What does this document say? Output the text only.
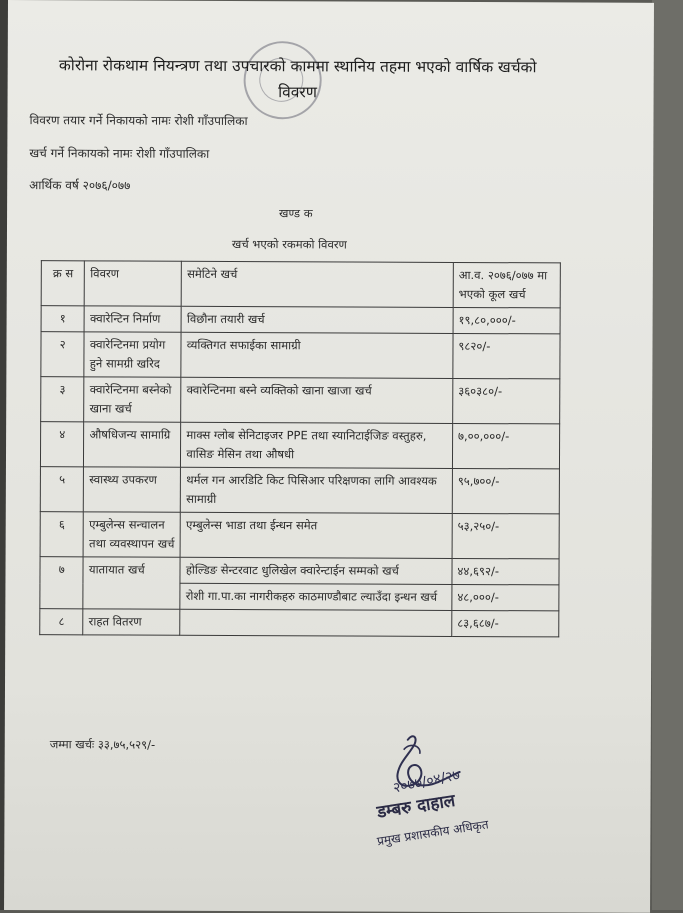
कोरोना रोकथाम नियन्त्रण तथा उपचारको काममा स्थानिय तहमा भएको वार्षिक खर्चको विवरण
विवरण तयार गर्ने निकायको नामः रोशी गाँउपालिका
खर्च गर्ने निकायको नामः रोशी गाँउपालिका
आर्थिक वर्ष २०७६/०७७
खण्ड क
खर्च भएको रकमको विवरण
क्र स	विवरण	समेटिने खर्च	आ.व. २०७६/०७७ मा भएको कूल खर्च
१	क्वारेन्टिन निर्माण	विछौना तयारी खर्च	१९,८०,०००/-
२	क्वारेन्टिनमा प्रयोग हुने सामग्री खरिद	व्यक्तिगत सफाईका सामाग्री	९८२०/-
३	क्वारेन्टिनमा बस्नेको खाना खर्च	क्वारेन्टिनमा बस्ने व्यक्तिको खाना खाजा खर्च	३६०३८०/-
४	औषधिजन्य सामाग्रि	माक्स ग्लोब सेनिटाइजर PPE तथा स्यानिटाईजिङ वस्तुहरु, वासिङ मेसिन तथा औषधी	७,००,०००/-
५	स्वास्थ्य उपकरण	थर्मल गन आरडिटि किट पिसिआर परिक्षणका लागि आवश्यक सामाग्री	९५,७००/-
६	एम्बुलेन्स सन्चालन तथा व्यवस्थापन खर्च	एम्बुलेन्स भाडा तथा ईन्धन समेत	५३,२५०/-
७	यातायात खर्च	होल्डिङ सेन्टरवाट धुलिखेल क्वारेन्टाईन सम्मको खर्च	४४,६९२/-
		रोशी गा.पा.का नागरीकहरु काठमाण्डौबाट ल्याउँदा इन्धन खर्च	४८,०००/-
८	राहत वितरण		८३,६८७/-
जम्मा खर्चः ३३,७५,५२९/-
२०७७/०४/२७
डम्बरु दाहाल
प्रमुख प्रशासकीय अधिकृत
